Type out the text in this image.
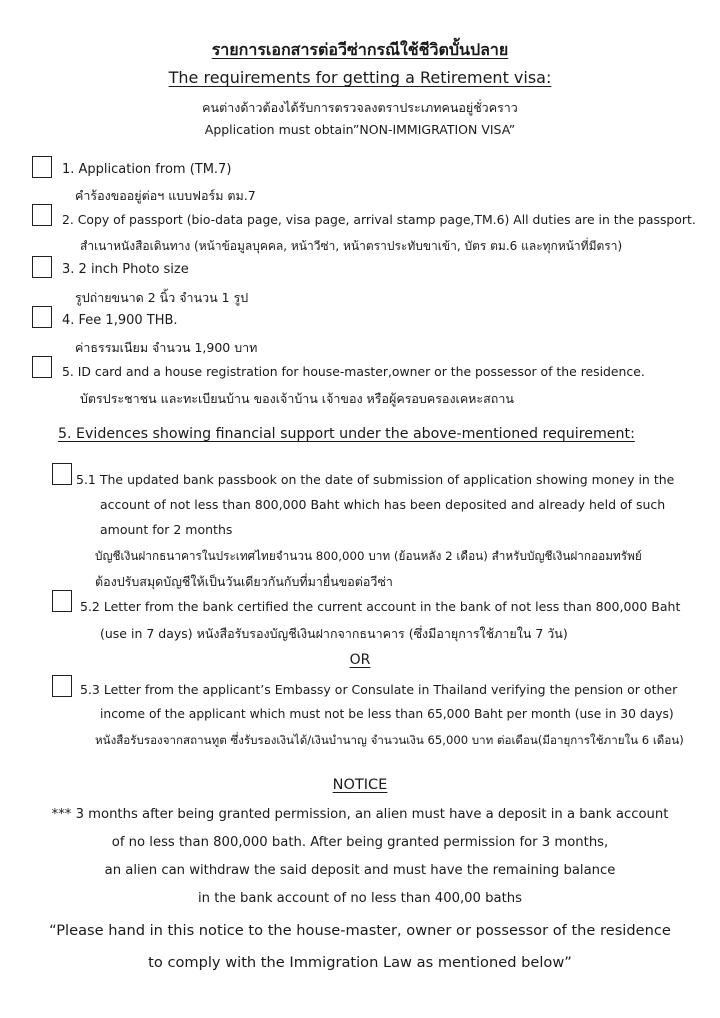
รายการเอกสารต่อวีซ่ากรณีใช้ชีวิตบั้นปลาย
The requirements for getting a Retirement visa:
คนต่างด้าวต้องได้รับการตรวจลงตราประเภทคนอยู่ชั่วคราว
Application must obtain”NON-IMMIGRATION VISA”
1. Application from (TM.7)
คำร้องขออยู่ต่อฯ แบบฟอร์ม ตม.7
2. Copy of passport (bio-data page, visa page, arrival stamp page,TM.6) All duties are in the passport.
สำเนาหนังสือเดินทาง (หน้าข้อมูลบุคคล, หน้าวีซ่า, หน้าตราประทับขาเข้า, บัตร ตม.6 และทุกหน้าที่มีตรา)
3. 2 inch Photo size
รูปถ่ายขนาด 2 นิ้ว จำนวน 1 รูป
4. Fee 1,900 THB.
ค่าธรรมเนียม จำนวน 1,900 บาท
5. ID card and a house registration for house-master,owner or the possessor of the residence.
บัตรประชาชน และทะเบียนบ้าน ของเจ้าบ้าน เจ้าของ หรือผู้ครอบครองเคหะสถาน
5. Evidences showing financial support under the above-mentioned requirement:
5.1 The updated bank passbook on the date of submission of application showing money in the
account of not less than 800,000 Baht which has been deposited and already held of such
amount for 2 months
บัญชีเงินฝากธนาคารในประเทศไทยจำนวน 800,000 บาท (ย้อนหลัง 2 เดือน) สำหรับบัญชีเงินฝากออมทรัพย์
ต้องปรับสมุดบัญชีให้เป็นวันเดียวกันกับที่มายื่นขอต่อวีซ่า
5.2 Letter from the bank certified the current account in the bank of not less than 800,000 Baht
(use in 7 days) หนังสือรับรองบัญชีเงินฝากจากธนาคาร (ซึ่งมีอายุการใช้ภายใน 7 วัน)
OR
5.3 Letter from the applicant’s Embassy or Consulate in Thailand verifying the pension or other
income of the applicant which must not be less than 65,000 Baht per month (use in 30 days)
หนังสือรับรองจากสถานทูต ซึ่งรับรองเงินได้/เงินบำนาญ จำนวนเงิน 65,000 บาท ต่อเดือน(มีอายุการใช้ภายใน 6 เดือน)
NOTICE
*** 3 months after being granted permission, an alien must have a deposit in a bank account
of no less than 800,000 bath. After being granted permission for 3 months,
an alien can withdraw the said deposit and must have the remaining balance
in the bank account of no less than 400,00 baths
“Please hand in this notice to the house-master, owner or possessor of the residence
to comply with the Immigration Law as mentioned below”
